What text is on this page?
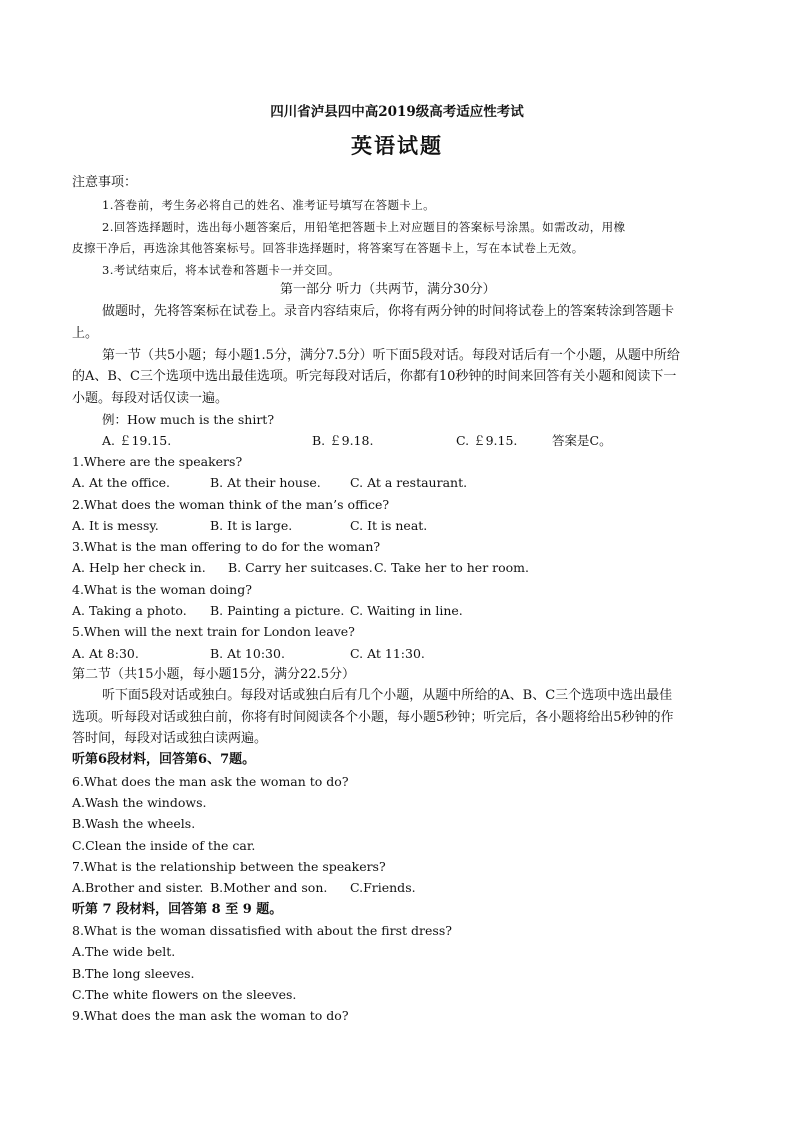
四川省泸县四中高2019级高考适应性考试
英语试题
注意事项：
1.答卷前，考生务必将自己的姓名、准考证号填写在答题卡上。
2.回答选择题时，选出每小题答案后，用铅笔把答题卡上对应题目的答案标号涂黑。如需改动，用橡
皮擦干净后，再选涂其他答案标号。回答非选择题时，将答案写在答题卡上，写在本试卷上无效。
3.考试结束后，将本试卷和答题卡一并交回。
第一部分 听力（共两节，满分30分）
做题时，先将答案标在试卷上。录音内容结束后，你将有两分钟的时间将试卷上的答案转涂到答题卡
上。
第一节（共5小题；每小题1.5分，满分7.5分）听下面5段对话。每段对话后有一个小题，从题中所给
的A、B、C三个选项中选出最佳选项。听完每段对话后，你都有10秒钟的时间来回答有关小题和阅读下一
小题。每段对话仅读一遍。
例：How much is the shirt?
A. ￡19.15.	B. ￡9.18.	C. ￡9.15.	答案是C。
1.Where are the speakers?
A. At the office.	B. At their house. C. At a restaurant.
2.What does the woman think of the man’s office?
A. It is messy.	B. It is large.	C. It is neat.
3.What is the man offering to do for the woman?
A. Help her check in. B. Carry her suitcases. C. Take her to her room.
4.What is the woman doing?
A. Taking a photo. B. Painting a picture. C. Waiting in line.
5.When will the next train for London leave?
A. At 8:30.	B. At 10:30.	C. At 11:30.
第二节（共15小题，每小题15分，满分22.5分）
听下面5段对话或独白。每段对话或独白后有几个小题，从题中所给的A、B、C三个选项中选出最佳
选项。听每段对话或独白前，你将有时间阅读各个小题，每小题5秒钟；听完后，各小题将给出5秒钟的作
答时间，每段对话或独白读两遍。
听第6段材料，回答第6、7题。
6.What does the man ask the woman to do?
A.Wash the windows.
B.Wash the wheels.
C.Clean the inside of the car.
7.What is the relationship between the speakers?
A.Brother and sister. B.Mother and son. C.Friends.
听第 7 段材料，回答第 8 至 9 题。
8.What is the woman dissatisfied with about the first dress?
A.The wide belt.
B.The long sleeves.
C.The white flowers on the sleeves.
9.What does the man ask the woman to do?
